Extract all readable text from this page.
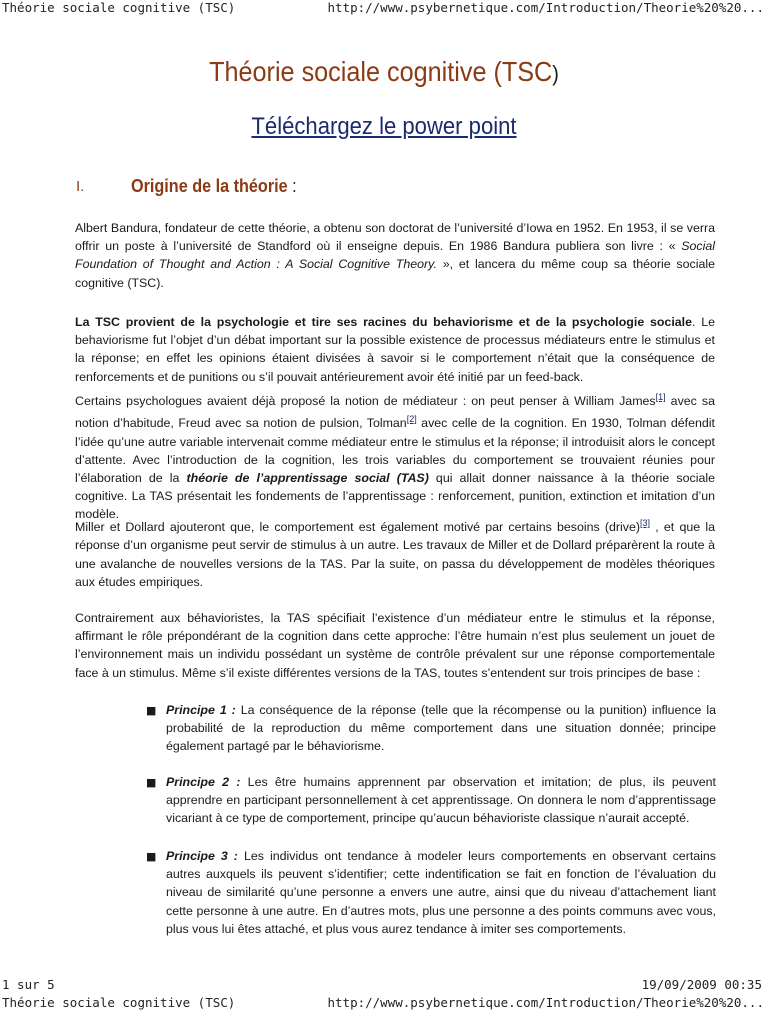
Théorie sociale cognitive (TSC)	http://www.psybernetique.com/Introduction/Theorie%20%20...
Théorie sociale cognitive (TSC)
Téléchargez le power point
I.	Origine de la théorie :
Albert Bandura, fondateur de cette théorie, a obtenu son doctorat de l’université d’Iowa en 1952. En 1953, il se verra offrir un poste à l’université de Standford où il enseigne depuis. En 1986 Bandura publiera son livre : « Social Foundation of Thought and Action : A Social Cognitive Theory. », et lancera du même coup sa théorie sociale cognitive (TSC).
La TSC provient de la psychologie et tire ses racines du behaviorisme et de la psychologie sociale. Le behaviorisme fut l’objet d’un débat important sur la possible existence de processus médiateurs entre le stimulus et la réponse; en effet les opinions étaient divisées à savoir si le comportement n’était que la conséquence de renforcements et de punitions ou s’il pouvait antérieurement avoir été initié par un feed-back.
Certains psychologues avaient déjà proposé la notion de médiateur : on peut penser à William James[1] avec sa notion d’habitude, Freud avec sa notion de pulsion, Tolman[2] avec celle de la cognition. En 1930, Tolman défendit l’idée qu’une autre variable intervenait comme médiateur entre le stimulus et la réponse; il introduisit alors le concept d’attente. Avec l’introduction de la cognition, les trois variables du comportement se trouvaient réunies pour l’élaboration de la théorie de l’apprentissage social (TAS) qui allait donner naissance à la théorie sociale cognitive. La TAS présentait les fondements de l’apprentissage : renforcement, punition, extinction et imitation d’un modèle.
Miller et Dollard ajouteront que, le comportement est également motivé par certains besoins (drive)[3] , et que la réponse d’un organisme peut servir de stimulus à un autre. Les travaux de Miller et de Dollard préparèrent la route à une avalanche de nouvelles versions de la TAS. Par la suite, on passa du développement de modèles théoriques aux études empiriques.
Contrairement aux béhavioristes, la TAS spécifiait l’existence d’un médiateur entre le stimulus et la réponse, affirmant le rôle prépondérant de la cognition dans cette approche: l’être humain n’est plus seulement un jouet de l’environnement mais un individu possédant un système de contrôle prévalent sur une réponse comportementale face à un stimulus. Même s’il existe différentes versions de la TAS, toutes s’entendent sur trois principes de base :
■ Principe 1 : La conséquence de la réponse (telle que la récompense ou la punition) influence la probabilité de la reproduction du même comportement dans une situation donnée; principe également partagé par le béhaviorisme.
■ Principe 2 : Les être humains apprennent par observation et imitation; de plus, ils peuvent apprendre en participant personnellement à cet apprentissage. On donnera le nom d’apprentissage vicariant à ce type de comportement, principe qu’aucun béhavioriste classique n’aurait accepté.
■ Principe 3 : Les individus ont tendance à modeler leurs comportements en observant certains autres auxquels ils peuvent s’identifier; cette indentification se fait en fonction de l’évaluation du niveau de similarité qu’une personne a envers une autre, ainsi que du niveau d’attachement liant cette personne à une autre. En d’autres mots, plus une personne a des points communs avec vous, plus vous lui êtes attaché, et plus vous aurez tendance à imiter ses comportements.
1 sur 5	19/09/2009 00:35
Théorie sociale cognitive (TSC)	http://www.psybernetique.com/Introduction/Theorie%20%20...
